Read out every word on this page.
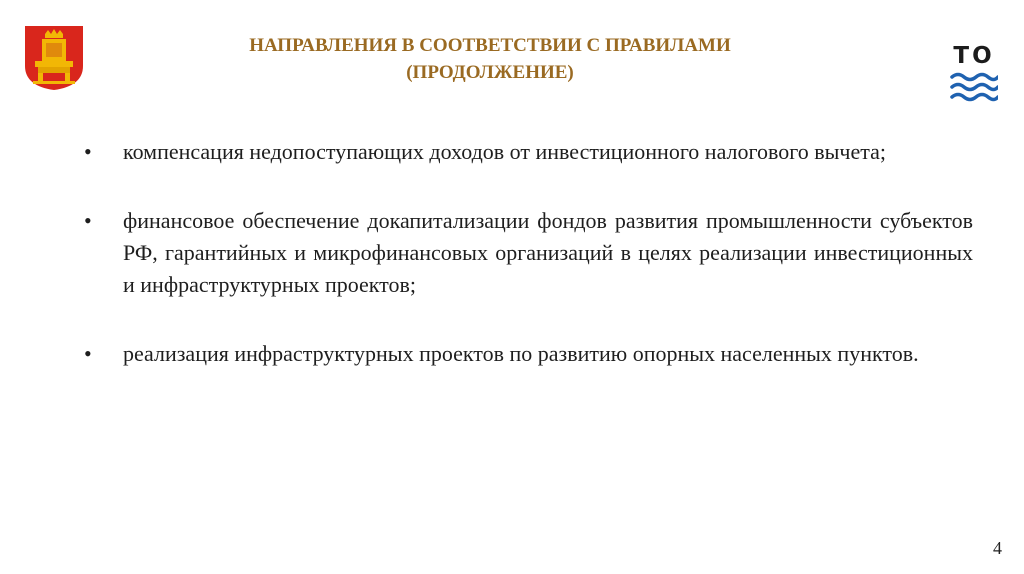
НАПРАВЛЕНИЯ В СООТВЕТСТВИИ С ПРАВИЛАМИ
(ПРОДОЛЖЕНИЕ)
ТО
• компенсация недопоступающих доходов от инвестиционного налогового вычета;
• финансовое обеспечение докапитализации фондов развития промышленности субъектов РФ, гарантийных и микрофинансовых организаций в целях реализации инвестиционных и инфраструктурных проектов;
• реализация инфраструктурных проектов по развитию опорных населенных пунктов.
4
